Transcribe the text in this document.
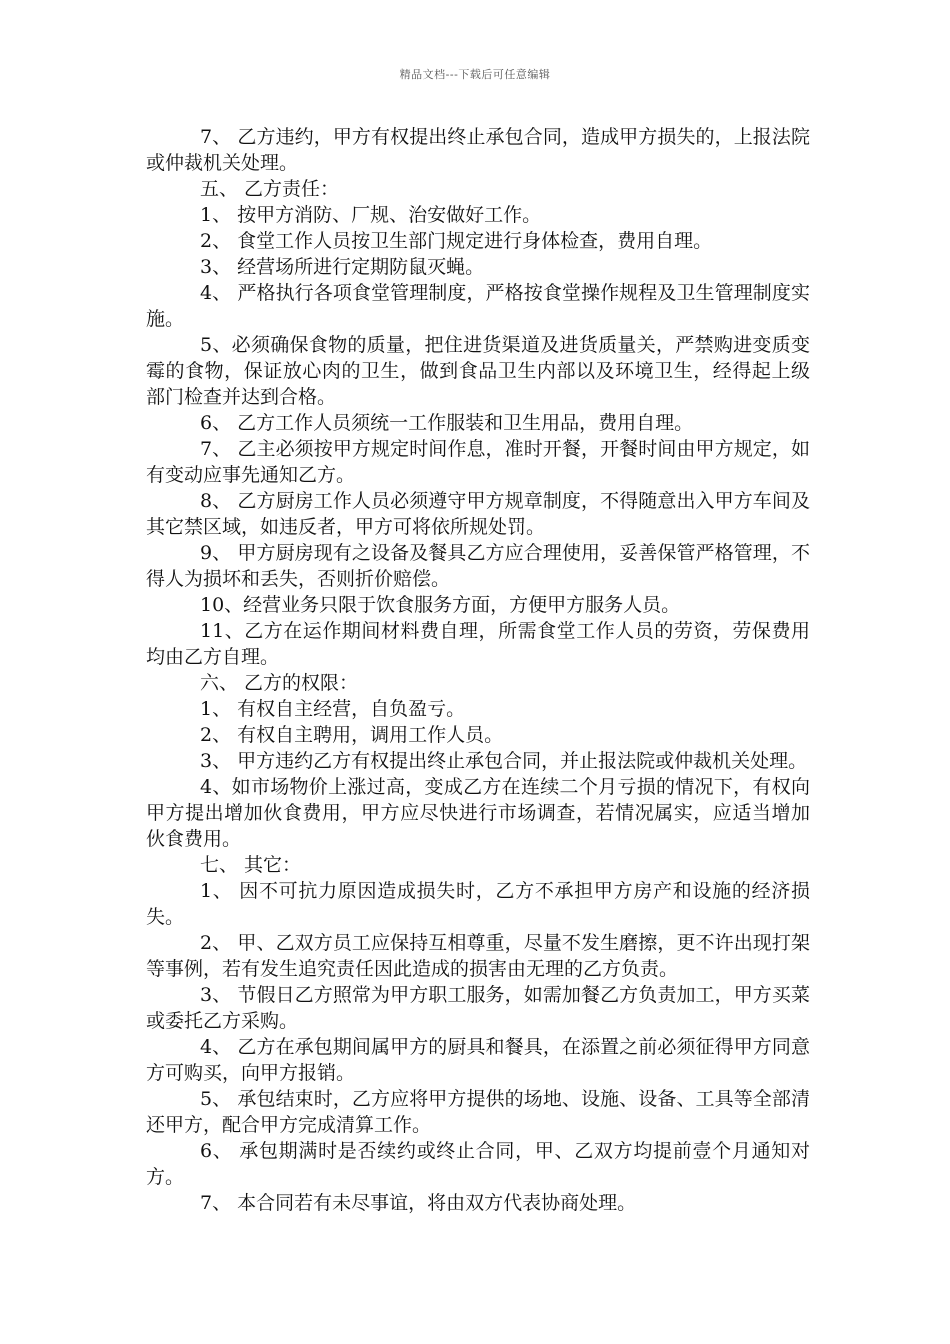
精品文档---下载后可任意编辑

7、 乙方违约，甲方有权提出终止承包合同，造成甲方损失的，上报法院或仲裁机关处理。

五、 乙方责任：

1、 按甲方消防、厂规、治安做好工作。

2、 食堂工作人员按卫生部门规定进行身体检查，费用自理。

3、 经营场所进行定期防鼠灭蝇。

4、 严格执行各项食堂管理制度，严格按食堂操作规程及卫生管理制度实施。

5、必须确保食物的质量，把住进货渠道及进货质量关，严禁购进变质变霉的食物，保证放心肉的卫生，做到食品卫生内部以及环境卫生，经得起上级部门检查并达到合格。

6、 乙方工作人员须统一工作服装和卫生用品，费用自理。

7、 乙主必须按甲方规定时间作息，准时开餐，开餐时间由甲方规定，如有变动应事先通知乙方。

8、 乙方厨房工作人员必须遵守甲方规章制度，不得随意出入甲方车间及其它禁区域，如违反者，甲方可将依所规处罚。

9、 甲方厨房现有之设备及餐具乙方应合理使用，妥善保管严格管理，不得人为损坏和丢失，否则折价赔偿。

10、经营业务只限于饮食服务方面，方便甲方服务人员。

11、乙方在运作期间材料费自理，所需食堂工作人员的劳资，劳保费用均由乙方自理。

六、 乙方的权限：

1、 有权自主经营，自负盈亏。

2、 有权自主聘用，调用工作人员。

3、 甲方违约乙方有权提出终止承包合同，并止报法院或仲裁机关处理。

4、如市场物价上涨过高，变成乙方在连续二个月亏损的情况下，有权向甲方提出增加伙食费用，甲方应尽快进行市场调查，若情况属实，应适当增加伙食费用。

七、 其它：

1、 因不可抗力原因造成损失时，乙方不承担甲方房产和设施的经济损失。

2、 甲、乙双方员工应保持互相尊重，尽量不发生磨擦，更不许出现打架等事例，若有发生追究责任因此造成的损害由无理的乙方负责。

3、 节假日乙方照常为甲方职工服务，如需加餐乙方负责加工，甲方买菜或委托乙方采购。

4、 乙方在承包期间属甲方的厨具和餐具，在添置之前必须征得甲方同意方可购买，向甲方报销。

5、 承包结束时，乙方应将甲方提供的场地、设施、设备、工具等全部清还甲方，配合甲方完成清算工作。

6、 承包期满时是否续约或终止合同，甲、乙双方均提前壹个月通知对方。

7、 本合同若有未尽事谊，将由双方代表协商处理。
